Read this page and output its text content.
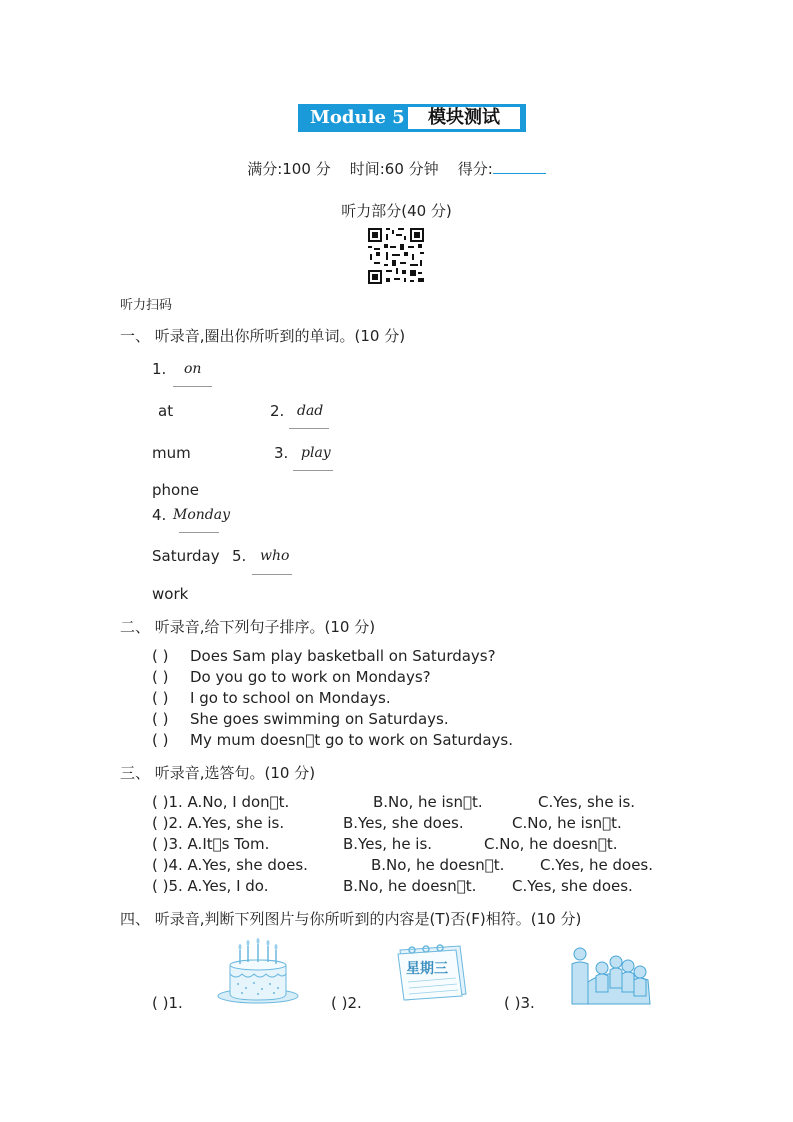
Module 5	模块测试
满分:100 分 时间:60 分钟 得分:
听力部分(40 分)
听力扫码
一、 听录音,圈出你所听到的单词。(10 分)
1. on
at	2. dad
mum	3. play
phone
4. Monday
Saturday 5. who
work
二、 听录音,给下列句子排序。(10 分)
( ) Does Sam play basketball on Saturdays?
( ) Do you go to work on Mondays?
( ) I go to school on Mondays.
( ) She goes swimming on Saturdays.
( ) My mum doesn t go to work on Saturdays.
三、 听录音,选答句。(10 分)
( )1. A.No, I don t.	B.No, he isn t.	C.Yes, she is.
( )2. A.Yes, she is.	B.Yes, she does.	C.No, he isn t.
( )3. A.It s Tom.	B.Yes, he is.	C.No, he doesn t.
( )4. A.Yes, she does.	B.No, he doesn t. C.Yes, he does.
( )5. A.Yes, I do.	B.No, he doesn t. C.Yes, she does.
四、 听录音,判断下列图片与你所听到的内容是(T)否(F)相符。(10 分)
( )1.	( )2.
星期三
( )3.
